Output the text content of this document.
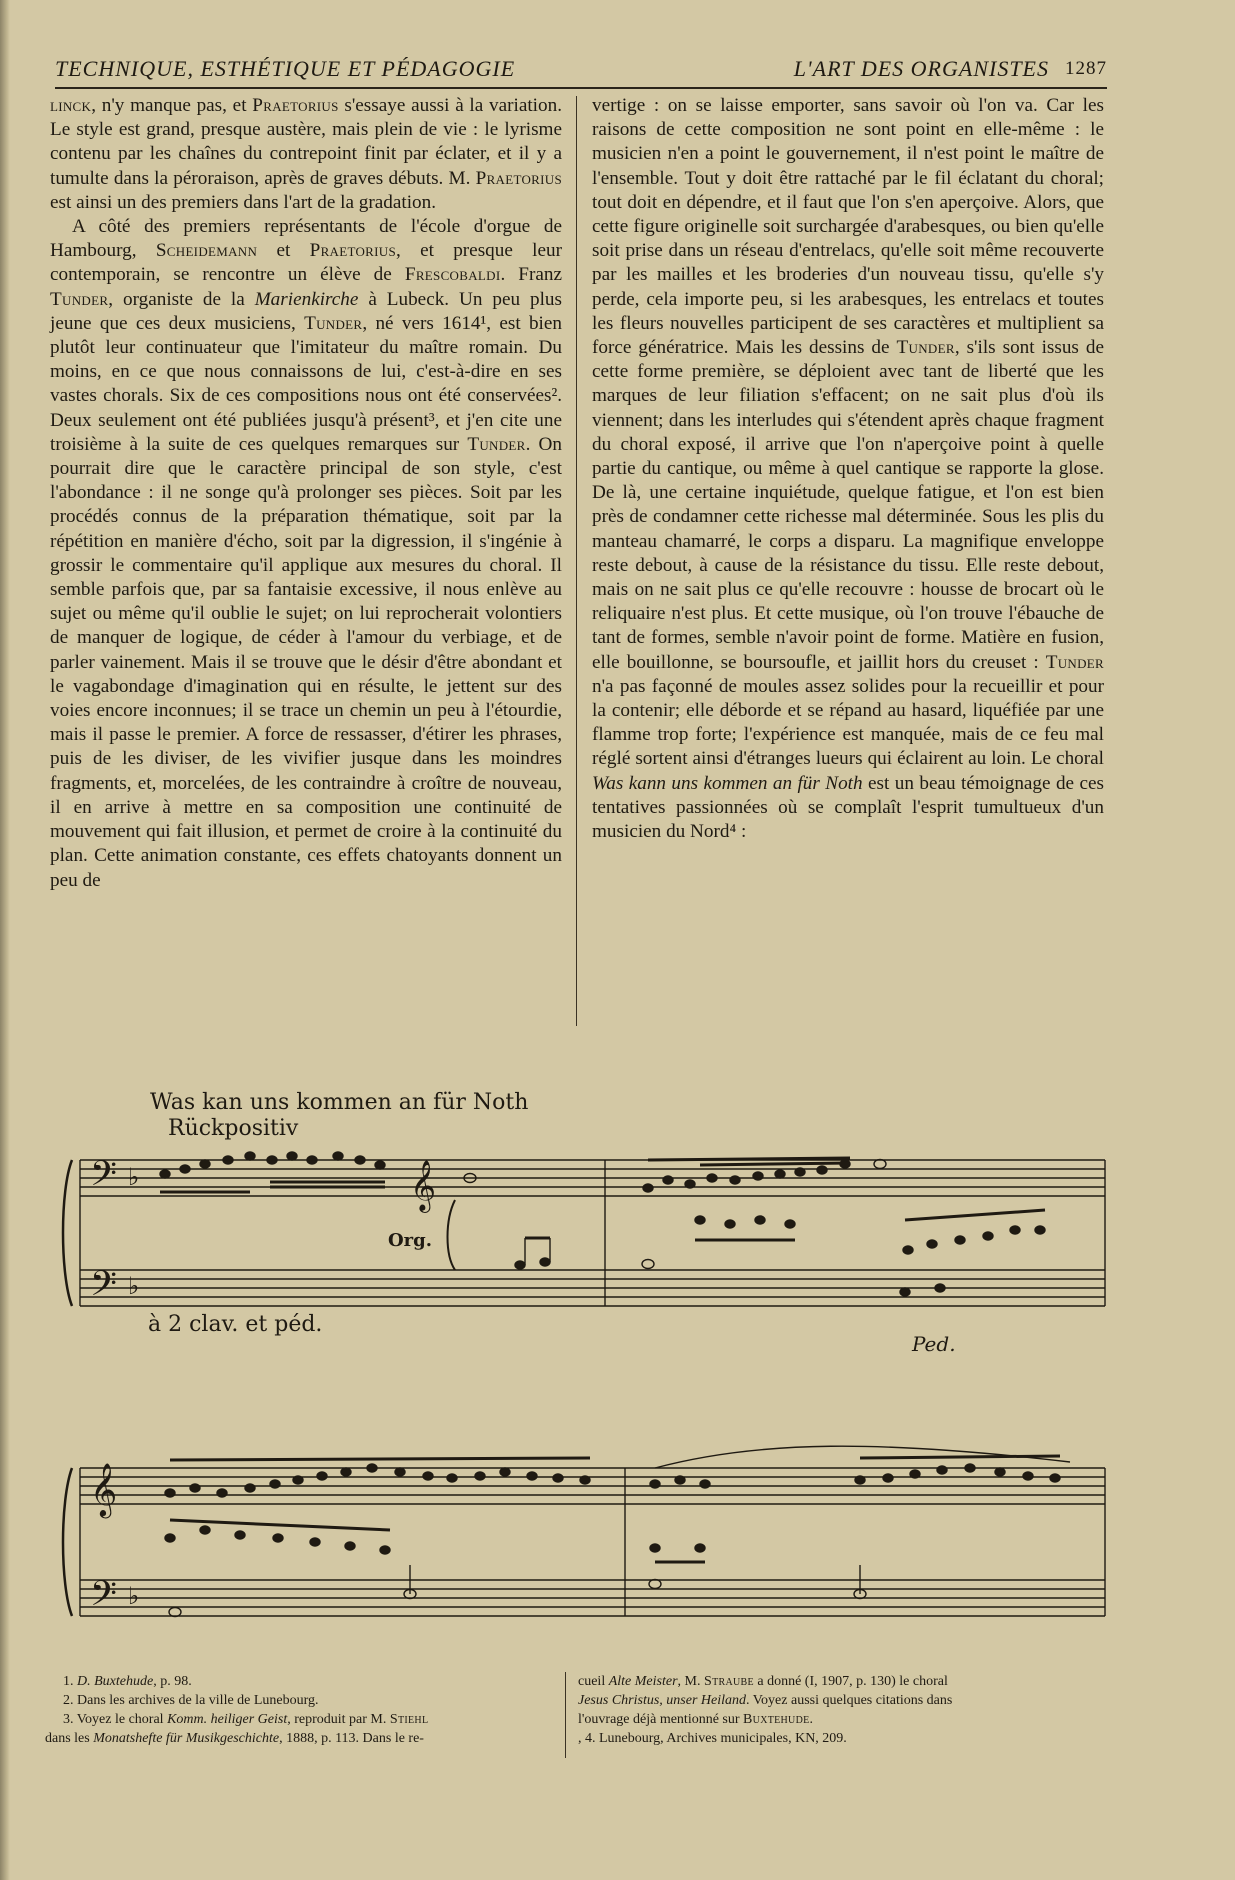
TECHNIQUE, ESTHÉTIQUE ET PÉDAGOGIE	L'ART DES ORGANISTES 1287

linck, n'y manque pas, et Praetorius s'essaye aussi à la variation. Le style est grand, presque austère, mais plein de vie : le lyrisme contenu par les chaînes du contrepoint finit par éclater, et il y a tumulte dans la péroraison, après de graves débuts. M. Praetorius est ainsi un des premiers dans l'art de la gradation.

A côté des premiers représentants de l'école d'orgue de Hambourg, Scheidemann et Praetorius, et presque leur contemporain, se rencontre un élève de Frescobaldi. Franz Tunder, organiste de la Marienkirche à Lubeck. Un peu plus jeune que ces deux musiciens, Tunder, né vers 1614¹, est bien plutôt leur continuateur que l'imitateur du maître romain. Du moins, en ce que nous connaissons de lui, c'est-à-dire en ses vastes chorals. Six de ces compositions nous ont été conservées². Deux seulement ont été publiées jusqu'à présent³, et j'en cite une troisième à la suite de ces quelques remarques sur Tunder. On pourrait dire que le caractère principal de son style, c'est l'abondance : il ne songe qu'à prolonger ses pièces. Soit par les procédés connus de la préparation thématique, soit par la répétition en manière d'écho, soit par la digression, il s'ingénie à grossir le commentaire qu'il applique aux mesures du choral. Il semble parfois que, par sa fantaisie excessive, il nous enlève au sujet ou même qu'il oublie le sujet; on lui reprocherait volontiers de manquer de logique, de céder à l'amour du verbiage, et de parler vainement. Mais il se trouve que le désir d'être abondant et le vagabondage d'imagination qui en résulte, le jettent sur des voies encore inconnues; il se trace un chemin un peu à l'étourdie, mais il passe le premier. A force de ressasser, d'étirer les phrases, puis de les diviser, de les vivifier jusque dans les moindres fragments, et, morcelées, de les contraindre à croître de nouveau, il en arrive à mettre en sa composition une continuité de mouvement qui fait illusion, et permet de croire à la continuité du plan. Cette animation constante, ces effets chatoyants donnent un peu de

vertige : on se laisse emporter, sans savoir où l'on va. Car les raisons de cette composition ne sont point en elle-même : le musicien n'en a point le gouvernement, il n'est point le maître de l'ensemble. Tout y doit être rattaché par le fil éclatant du choral; tout doit en dépendre, et il faut que l'on s'en aperçoive. Alors, que cette figure originelle soit surchargée d'arabesques, ou bien qu'elle soit prise dans un réseau d'entrelacs, qu'elle soit même recouverte par les mailles et les broderies d'un nouveau tissu, qu'elle s'y perde, cela importe peu, si les arabesques, les entrelacs et toutes les fleurs nouvelles participent de ses caractères et multiplient sa force génératrice. Mais les dessins de Tunder, s'ils sont issus de cette forme première, se déploient avec tant de liberté que les marques de leur filiation s'effacent; on ne sait plus d'où ils viennent; dans les interludes qui s'étendent après chaque fragment du choral exposé, il arrive que l'on n'aperçoive point à quelle partie du cantique, ou même à quel cantique se rapporte la glose. De là, une certaine inquiétude, quelque fatigue, et l'on est bien près de condamner cette richesse mal déterminée. Sous les plis du manteau chamarré, le corps a disparu. La magnifique enveloppe reste debout, à cause de la résistance du tissu. Elle reste debout, mais on ne sait plus ce qu'elle recouvre : housse de brocart où le reliquaire n'est plus. Et cette musique, où l'on trouve l'ébauche de tant de formes, semble n'avoir point de forme. Matière en fusion, elle bouillonne, se boursoufle, et jaillit hors du creuset : Tunder n'a pas façonné de moules assez solides pour la recueillir et pour la contenir; elle déborde et se répand au hasard, liquéfiée par une flamme trop forte; l'expérience est manquée, mais de ce feu mal réglé sortent ainsi d'étranges lueurs qui éclairent au loin. Le choral Was kann uns kommen an für Noth est un beau témoignage de ces tentatives passionnées où se complaît l'esprit tumultueux d'un musicien du Nord⁴ :

Was kan uns kommen an für Noth
Rückpositiv
Org.
à 2 clav. et péd.
Ped.
𝄢
𝄢
𝄞
𝄞
𝄢
♭
♭
♭
1. D. Buxtehude, p. 98.
2. Dans les archives de la ville de Lunebourg.
3. Voyez le choral Komm. heiliger Geist, reproduit par M. Stiehl
dans les Monatshefte für Musikgeschichte, 1888, p. 113. Dans le re-
cueil Alte Meister, M. Straube a donné (I, 1907, p. 130) le choral
Jesus Christus, unser Heiland. Voyez aussi quelques citations dans
l'ouvrage déjà mentionné sur Buxtehude.
, 4. Lunebourg, Archives municipales, KN, 209.
